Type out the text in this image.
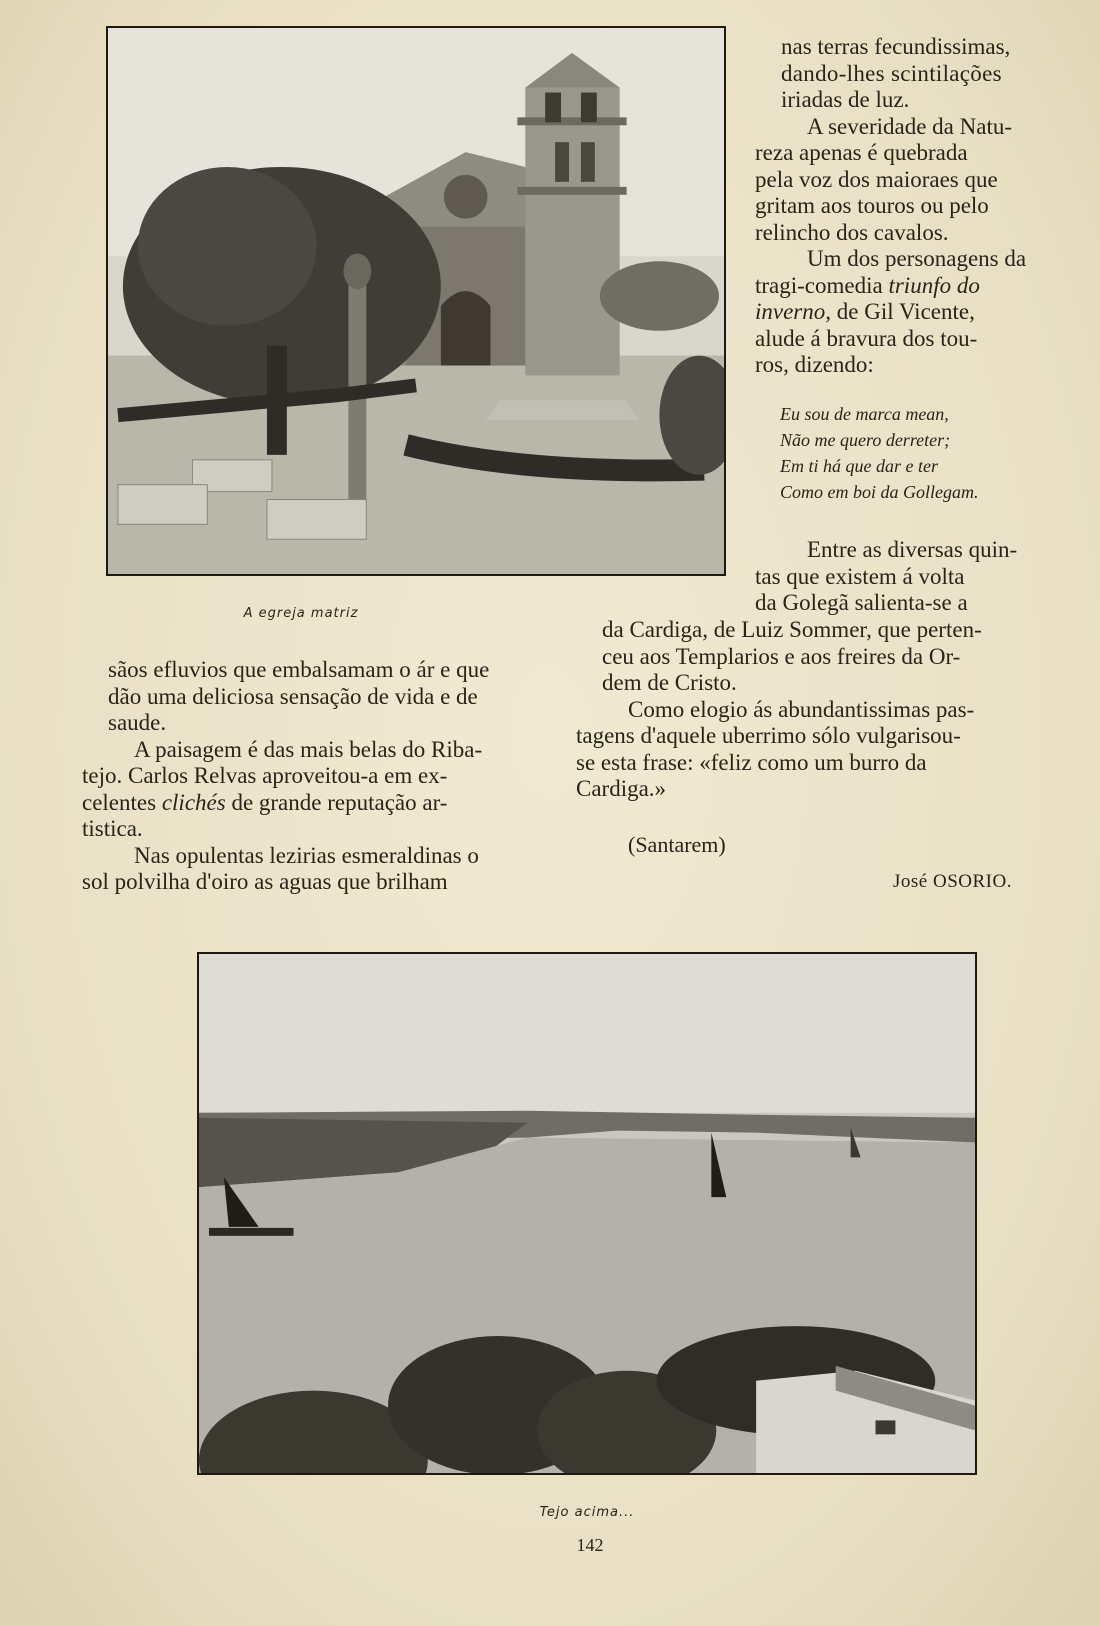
A egreja matriz

nas terras fecundissimas,
dando-lhes scintilações
iriadas de luz.

A severidade da Natu-
reza apenas é quebrada
pela voz dos maioraes que
gritam aos touros ou pelo
relincho dos cavalos.

Um dos personagens da
tragi-comedia triunfo do
inverno, de Gil Vicente,
alude á bravura dos tou-
ros, dizendo:

Eu sou de marca mean,
Não me quero derreter;
Em ti há que dar e ter
Como em boi da Gollegam.

Entre as diversas quin-
tas que existem á volta
da Golegã salienta-se a

da Cardiga, de Luiz Sommer, que perten-
ceu aos Templarios e aos freires da Or-
dem de Cristo.

Como elogio ás abundantissimas pas-
tagens d'aquele uberrimo sólo vulgarisou-
se esta frase: «feliz como um burro da
Cardiga.»

(Santarem)
José OSORIO.

sãos efluvios que embalsamam o ár e que
dão uma deliciosa sensação de vida e de
saude.

A paisagem é das mais belas do Riba-
tejo. Carlos Relvas aproveitou-a em ex-
celentes clichés de grande reputação ar-
tistica.

Nas opulentas lezirias esmeraldinas o
sol polvilha d'oiro as aguas que brilham

Tejo acima...
142
